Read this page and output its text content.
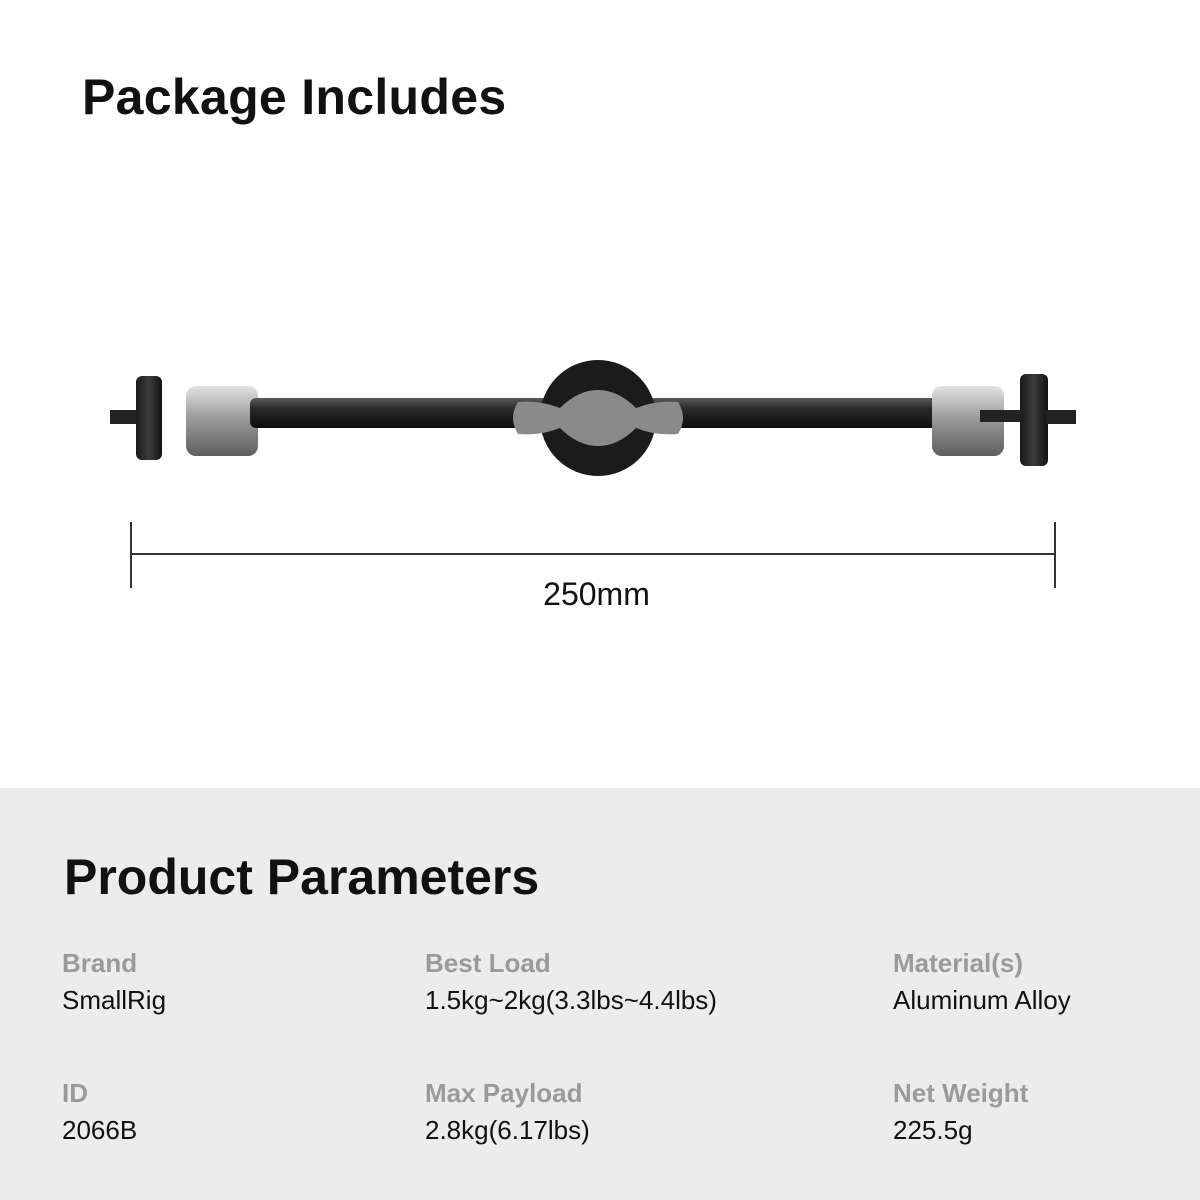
Package Includes
250mm
Product Parameters
Brand
SmallRig
Best Load
1.5kg~2kg(3.3lbs~4.4lbs)
Material(s)
Aluminum Alloy
ID
2066B
Max Payload
2.8kg(6.17lbs)
Net Weight
225.5g
